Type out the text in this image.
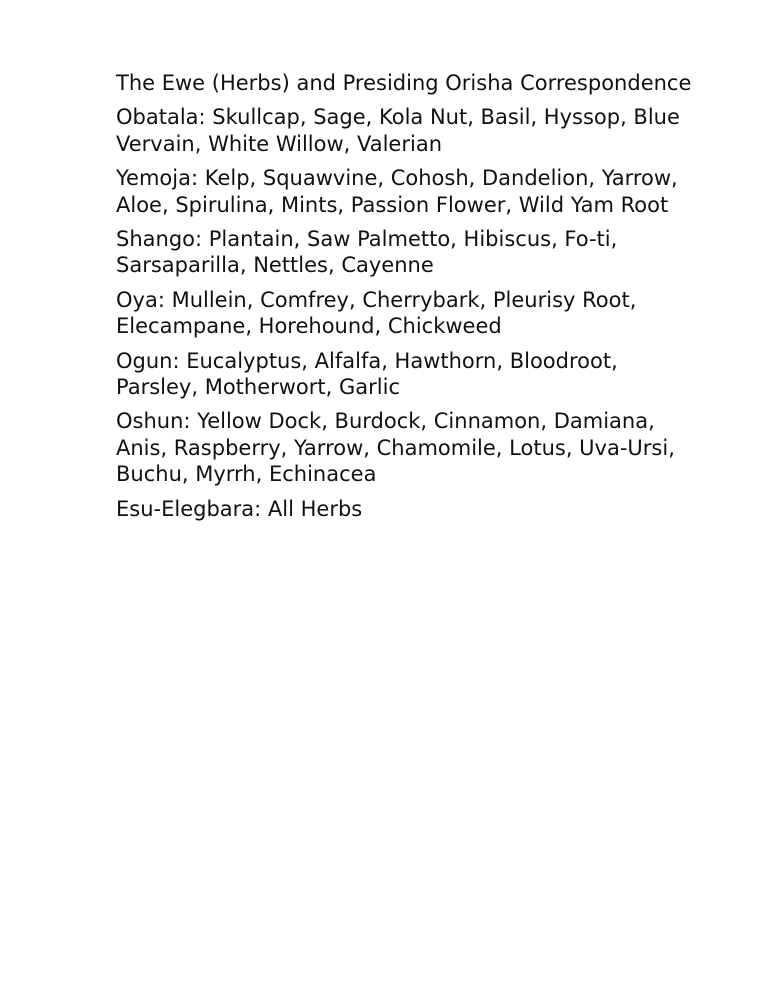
The Ewe (Herbs) and Presiding Orisha Correspondence

Obatala: Skullcap, Sage, Kola Nut, Basil, Hyssop, Blue Vervain, White Willow, Valerian

Yemoja: Kelp, Squawvine, Cohosh, Dandelion, Yarrow, Aloe, Spirulina, Mints, Passion Flower, Wild Yam Root

Shango: Plantain, Saw Palmetto, Hibiscus, Fo-ti, Sarsaparilla, Nettles, Cayenne

Oya: Mullein, Comfrey, Cherrybark, Pleurisy Root, Elecampane, Horehound, Chickweed

Ogun: Eucalyptus, Alfalfa, Hawthorn, Bloodroot, Parsley, Motherwort, Garlic

Oshun: Yellow Dock, Burdock, Cinnamon, Damiana, Anis, Raspberry, Yarrow, Chamomile, Lotus, Uva-Ursi, Buchu, Myrrh, Echinacea

Esu-Elegbara: All Herbs
